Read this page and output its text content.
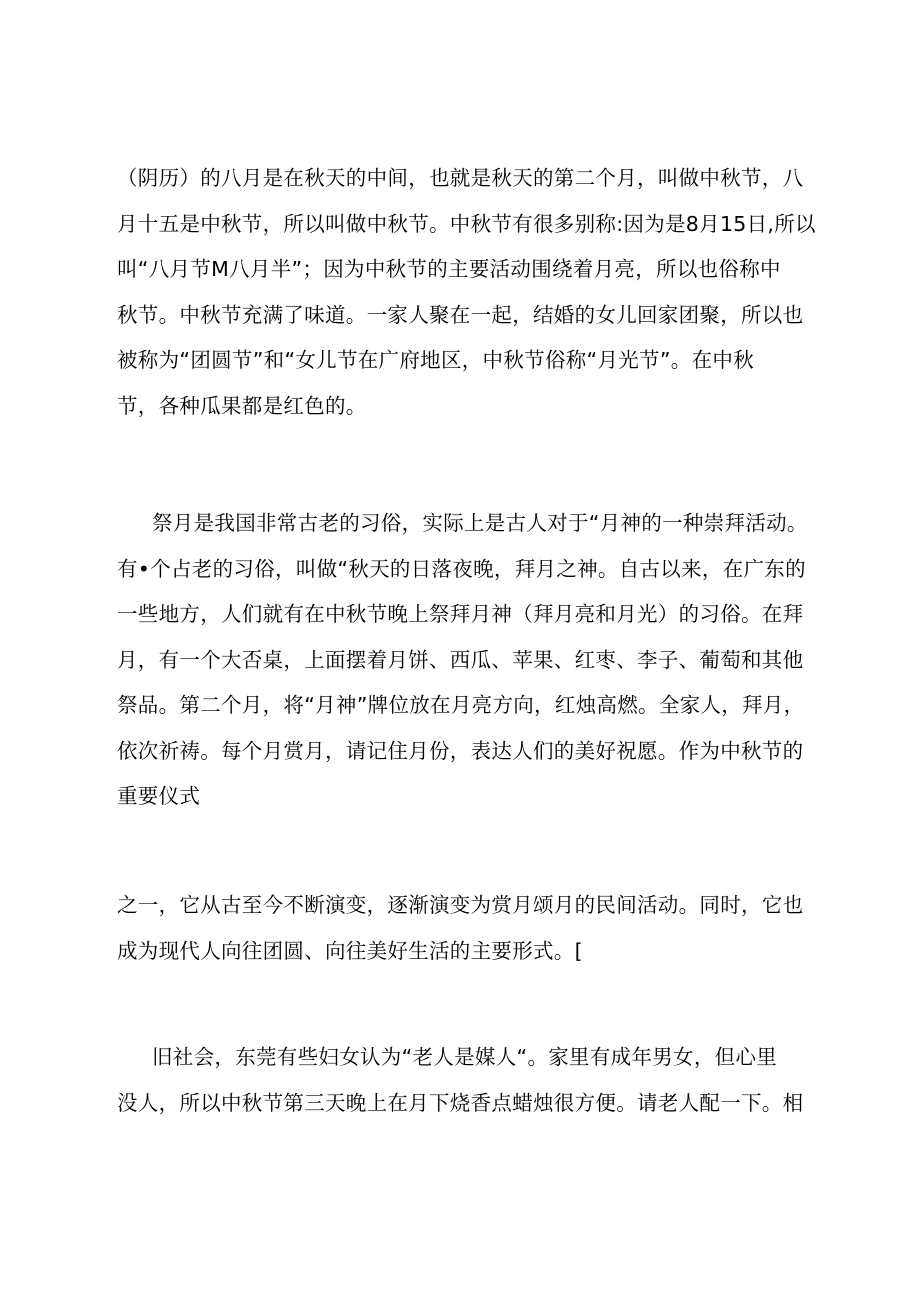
（阴历）的八月是在秋天的中间，也就是秋天的第二个月，叫做中秋节，八
月十五是中秋节，所以叫做中秋节。中秋节有很多别称:因为是8月15日,所以
叫“八月节M八月半”；因为中秋节的主要活动围绕着月亮，所以也俗称中
秋节。中秋节充满了味道。一家人聚在一起，结婚的女儿回家团聚，所以也
被称为“团圆节”和“女儿节在广府地区，中秋节俗称“月光节”。在中秋
节，各种瓜果都是红色的。
祭月是我国非常古老的习俗，实际上是古人对于“月神的一种崇拜活动。
有•个占老的习俗，叫做“秋天的日落夜晚，拜月之神。自古以来，在广东的
一些地方，人们就有在中秋节晚上祭拜月神（拜月亮和月光）的习俗。在拜
月，有一个大否桌，上面摆着月饼、西瓜、苹果、红枣、李子、葡萄和其他
祭品。第二个月，将“月神”牌位放在月亮方向，红烛高燃。全家人，拜月，
依次祈祷。每个月赏月，请记住月份，表达人们的美好祝愿。作为中秋节的
重要仪式
之一，它从古至今不断演变，逐渐演变为赏月颂月的民间活动。同时，它也
成为现代人向往团圆、向往美好生活的主要形式。[
旧社会，东莞有些妇女认为“老人是媒人“。家里有成年男女，但心里
没人，所以中秋节第三天晚上在月下烧香点蜡烛很方便。请老人配一下。相
